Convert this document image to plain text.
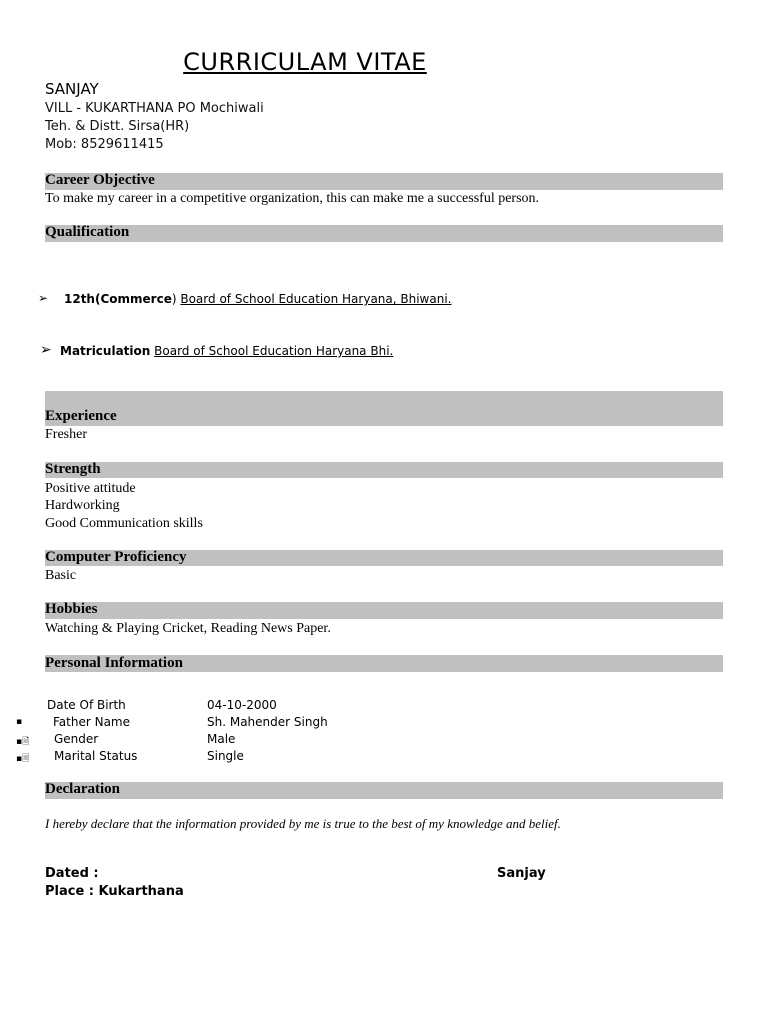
CURRICULAM VITAE
SANJAY
VILL - KUKARTHANA PO Mochiwali
Teh. & Distt. Sirsa(HR)
Mob: 8529611415
Career Objective
To make my career in a competitive organization, this can make me a successful person.
Qualification
➢ 12th(Commerce) Board of School Education Haryana, Bhiwani.
➢ Matriculation Board of School Education Haryana Bhi.
Experience
Fresher
Strength
Positive attitude
Hardworking
Good Communication skills
Computer Proficiency
Basic
Hobbies
Watching & Playing Cricket, Reading News Paper.
Personal Information
Date Of Birth	04-10-2000
▪	Father Name	Sh. Mahender Singh
▪🗎 Gender	Male
▪🗏 Marital Status	Single
Declaration
I hereby declare that the information provided by me is true to the best of my knowledge and belief.
Dated :
Place : Kukarthana
Sanjay
